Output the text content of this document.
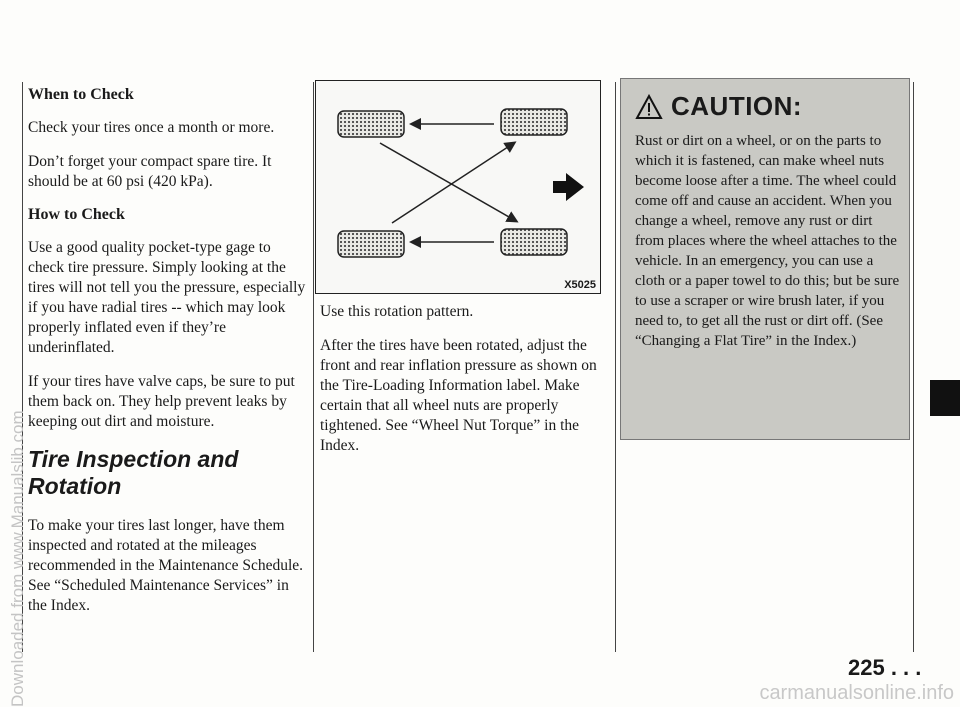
When to Check

Check your tires once a month or more.

Don’t forget your compact spare tire. It should be at 60 psi (420 kPa).

How to Check

Use a good quality pocket-type gage to check tire pressure. Simply looking at the tires will not tell you the pressure, especially if you have radial tires -- which may look properly inflated even if they’re underinflated.

If your tires have valve caps, be sure to put them back on. They help prevent leaks by keeping out dirt and moisture.

Tire Inspection and Rotation

To make your tires last longer, have them inspected and rotated at the mileages recommended in the Maintenance Schedule. See “Scheduled Maintenance Services” in the Index.

X5025

Use this rotation pattern.

After the tires have been rotated, adjust the front and rear inflation pressure as shown on the Tire-Loading Information label. Make certain that all wheel nuts are properly tightened. See “Wheel Nut Torque” in the Index.

CAUTION:
Rust or dirt on a wheel, or on the parts to which it is fastened, can make wheel nuts become loose after a time. The wheel could come off and cause an accident. When you change a wheel, remove any rust or dirt from places where the wheel attaches to the vehicle. In an emergency, you can use a cloth or a paper towel to do this; but be sure to use a scraper or wire brush later, if you need to, to get all the rust or dirt off. (See “Changing a Flat Tire” in the Index.)
225 . . .
Downloaded from www.Manualslib.com	carmanualsonline.info
